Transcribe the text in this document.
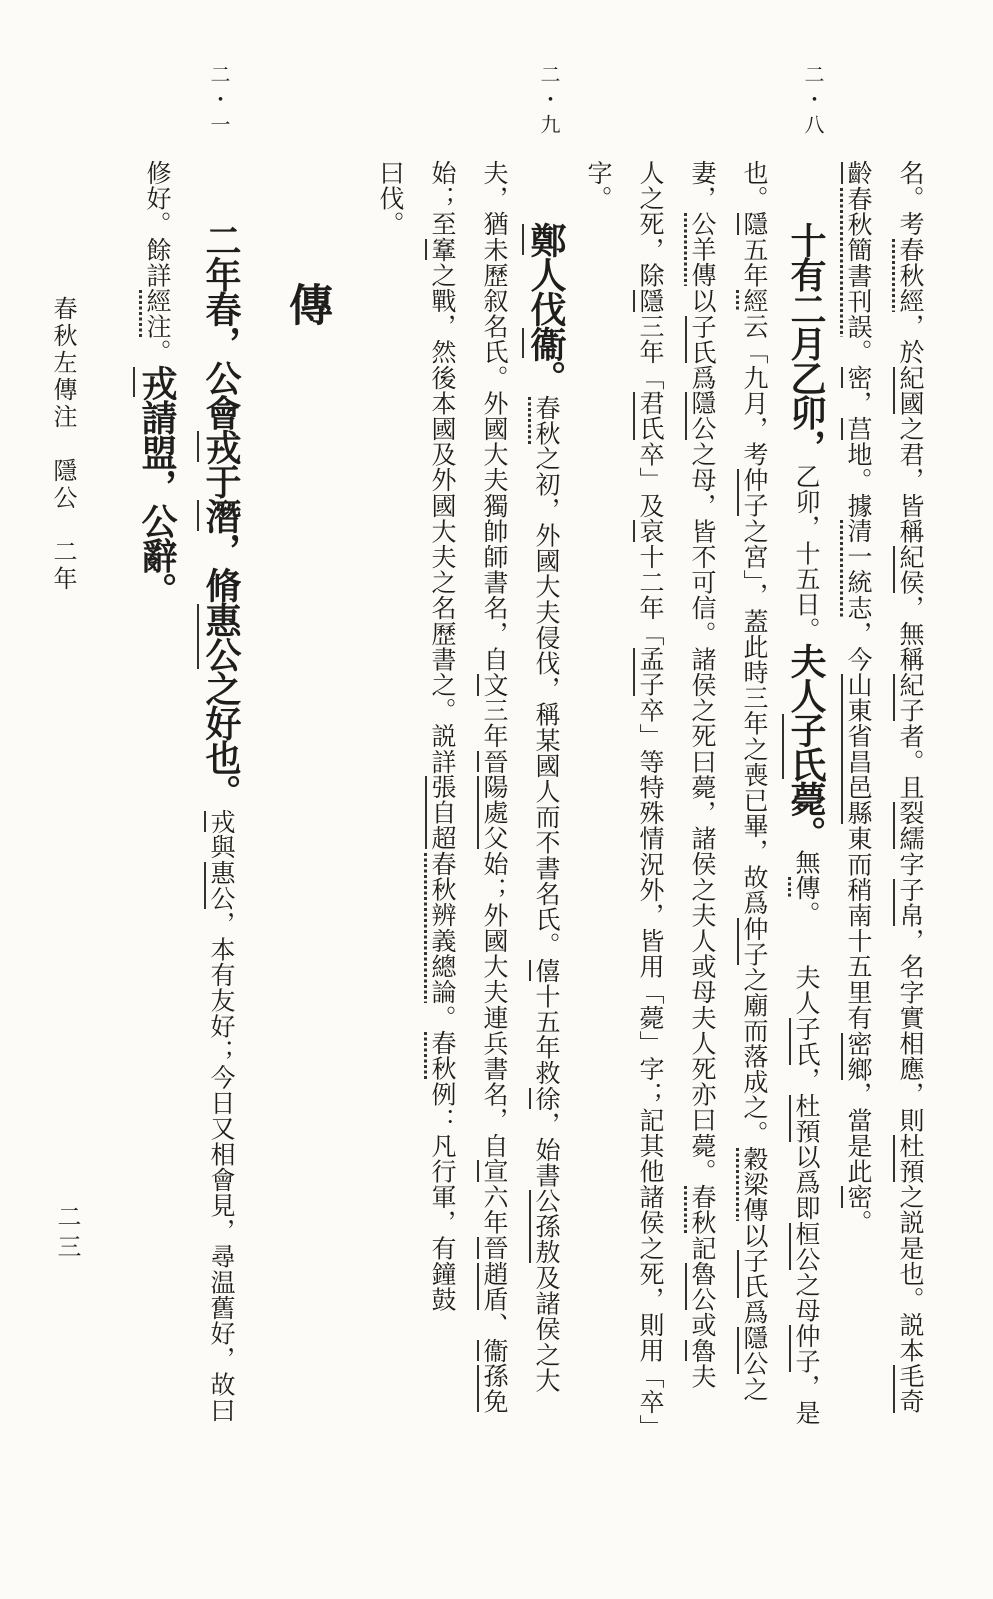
二・八
二・九
二・一
名。考春秋經，於紀國之君，皆稱紀侯，無稱紀子者。且裂繻字子帛，名字實相應，則杜預之説是也。説本毛奇
齡春秋簡書刊誤。密，莒地。據清一統志，今山東省昌邑縣東而稍南十五里有密鄉，當是此密。
十有二月乙卯，乙卯，十五日。夫人子氏薨。無傳。夫人子氏，杜預以爲即桓公之母仲子，是
也。隱五年經云「九月，考仲子之宮」，蓋此時三年之喪已畢，故爲仲子之廟而落成之。穀梁傳以子氏爲隱公之
妻，公羊傳以子氏爲隱公之母，皆不可信。諸侯之死曰薨，諸侯之夫人或母夫人死亦曰薨。春秋記魯公或魯夫
人之死，除隱三年「君氏卒」及哀十二年「孟子卒」等特殊情況外，皆用「薨」字；記其他諸侯之死，則用「卒」
字。
鄭人伐衞。春秋之初，外國大夫侵伐，稱某國人而不書名氏。僖十五年救徐，始書公孫敖及諸侯之大
夫，猶未歷叙名氏。外國大夫獨帥師書名，自文三年晉陽處父始；外國大夫連兵書名，自宣六年晉趙盾、衞孫免
始；至鞌之戰，然後本國及外國大夫之名歷書之。説詳張自超春秋辨義總論。春秋例：凡行軍，有鐘鼓
曰伐。
傳
二年春，公會戎于潛，脩惠公之好也。戎與惠公，本有友好；今日又相會見，尋温舊好，故曰
修好。餘詳經注。戎請盟，公辭。
春秋左傳注　隱公　二年
二三
